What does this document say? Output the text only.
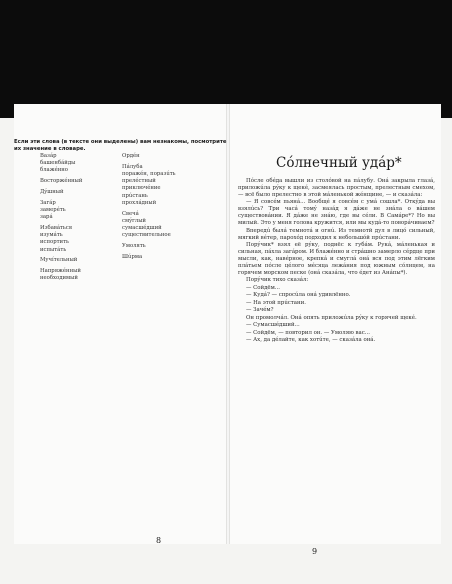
Если эти слова (в тексте они выделены) вам незнакомы, посмотрите их значение в словаре.
Вазáр
башенбáйды
блажéнно
Восторжéнный
Дýшный
Загáр
замерéть
зарá
Избавáться
изумáть
испортить
испытáть
Мучíтельный
Напряжéнный
необходимый
Ордéн
Пáлуба
поражéн, поразúть
прелéстный
приключéние
прúстань
прохлáдный
Свечá
смýглый
сумасшéдший
существительное
Умолять
Шúрма
8
Сóлнечный удáр*

Пóсле обéда вышли из столóвой на пáлубу. Онá закрыла глазá, приложúла рýку к щекé, засмеялась простым, прелестным смехом, — всё было прелестно в этой мáленькой жéнщине, — и сказáла:

— Я совсéм пьянá... Вообщé я совсéм с умá сошла*. Откýда вы взялúсь? Три часá томý назáд я дáже не знáла о вáшем существовáнии. Я дáже не знáю, где вы сéли. В Самáре*? Но вы милый. Это у меня голова кружится, или мы кудá-то поворáчиваем?

Впередú былá темнотá и огнú. Из темнотй дул в лицó сильный, мягкий вéтер, парохóд подходил к небольшóй прúстани.

Порýчик* взял её рýку, поднёс к губáм. Рукá, мáленькая и сильная, пáхла загáром. И блажéнно и стрáшно замерло сéрдце при мысли, как, навéрное, крепкá и смуглá онá вся под этим лёгким плáтьем пóсле цéлого мéсяца лежáния под южным сóлнцем, на горячем морском песке (онá сказáла, что éдет из Анáпы*).

Порýчик тихо сказáл:

— Сойдём...

— Кудá? — спросúла онá удивлённо.

— На этой прúстани.

— Зачéм?

Он промолчáл. Онá опять приложúла рýку к горячей щекé.

— Сумасшéдший...

— Сойдём, — повторил он. — Умоляю вас...

— Ах, да дéлайте, как хотúте, — сказáла онá.

9
